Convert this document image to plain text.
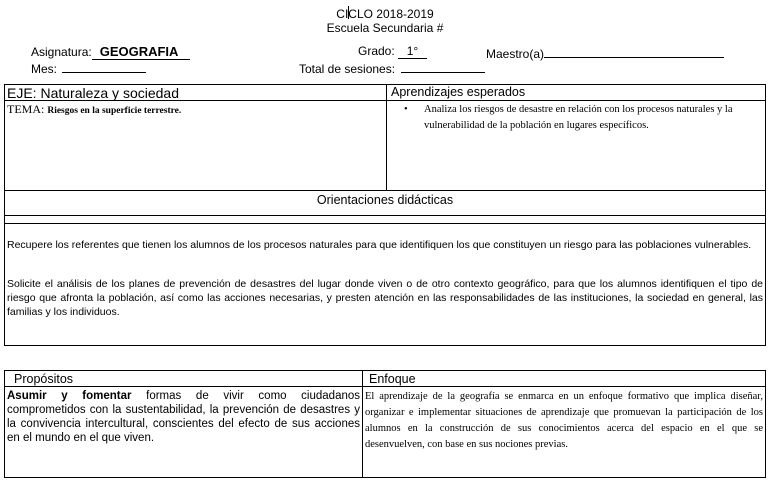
CICLO 2018-2019
Escuela Secundaria #
Asignatura: GEOGRAFIA	Grado: 1°	Maestro(a)
Mes:	Total de sesiones:
EJE: Naturaleza y sociedad
TEMA: Riesgos en la superficie terrestre.
Aprendizajes esperados
• Analiza los riesgos de desastre en relación con los procesos naturales y la vulnerabilidad de la población en lugares específicos.
Orientaciones didácticas
Recupere los referentes que tienen los alumnos de los procesos naturales para que identifiquen los que constituyen un riesgo para las poblaciones vulnerables.
Solicite el análisis de los planes de prevención de desastres del lugar donde viven o de otro contexto geográfico, para que los alumnos identifiquen el tipo de riesgo que afronta la población, así como las acciones necesarias, y presten atención en las responsabilidades de las instituciones, la sociedad en general, las familias y los individuos.
Propósitos	Enfoque
Asumir y fomentar formas de vivir como ciudadanos comprometidos con la sustentabilidad, la prevención de desastres y la convivencia intercultural, conscientes del efecto de sus acciones en el mundo en el que viven.
El aprendizaje de la geografía se enmarca en un enfoque formativo que implica diseñar, organizar e implementar situaciones de aprendizaje que promuevan la participación de los alumnos en la construcción de sus conocimientos acerca del espacio en el que se desenvuelven, con base en sus nociones previas.
